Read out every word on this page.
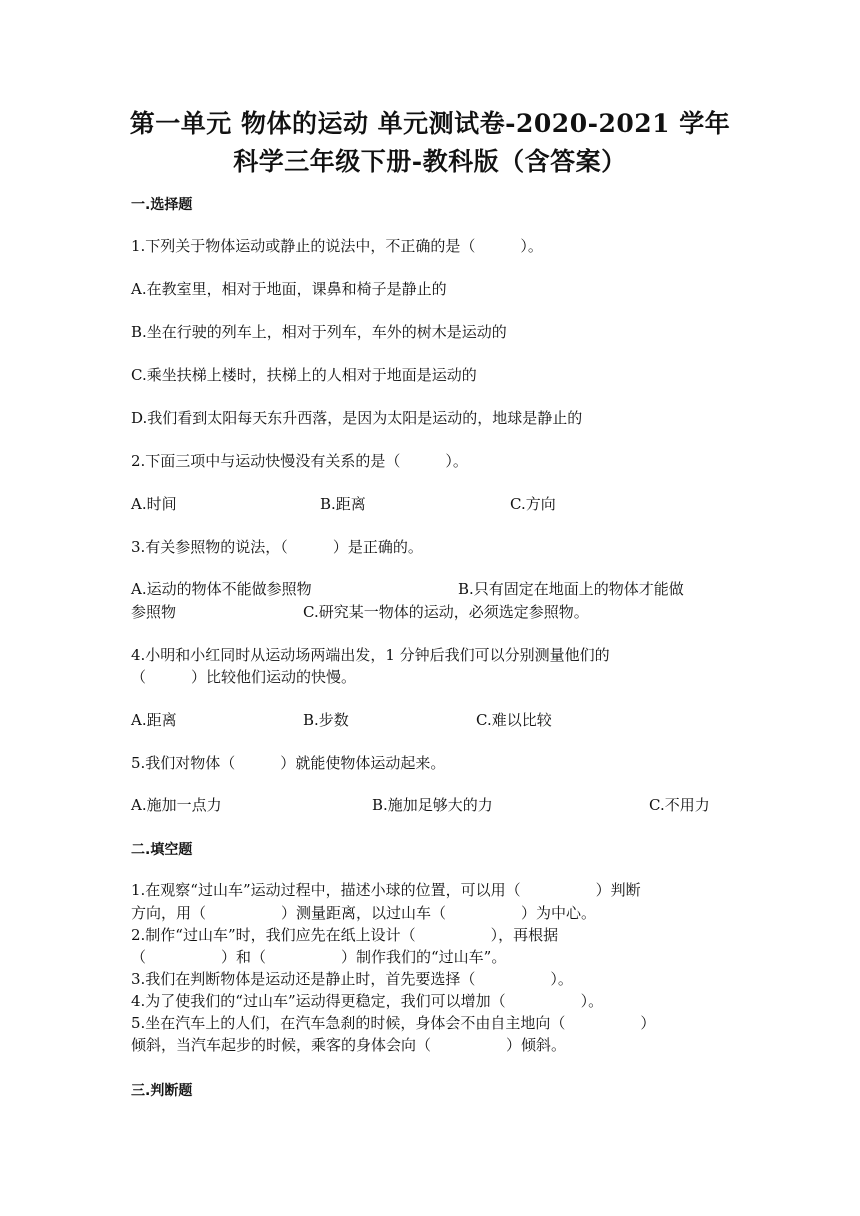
第一单元 物体的运动 单元测试卷-2020-2021 学年
科学三年级下册-教科版（含答案）
一.选择题
1.下列关于物体运动或静止的说法中，不正确的是（　　　）。
A.在教室里，相对于地面，课鼻和椅子是静止的
B.坐在行驶的列车上，相对于列车，车外的树木是运动的
C.乘坐扶梯上楼时，扶梯上的人相对于地面是运动的
D.我们看到太阳每天东升西落，是因为太阳是运动的，地球是静止的
2.下面三项中与运动快慢没有关系的是（　　　）。
A.时间	B.距离	C.方向
3.有关参照物的说法，（　　　）是正确的。
A.运动的物体不能做参照物	B.只有固定在地面上的物体才能做
参照物	C.研究某一物体的运动，必须选定参照物。
4.小明和小红同时从运动场两端出发，1 分钟后我们可以分别测量他们的
（　　　）比较他们运动的快慢。
A.距离	B.步数	C.难以比较
5.我们对物体（　　　）就能使物体运动起来。
A.施加一点力	B.施加足够大的力	C.不用力
二.填空题
1.在观察“过山车”运动过程中，描述小球的位置，可以用（　　　　　）判断
方向，用（　　　　　）测量距离，以过山车（　　　　　）为中心。
2.制作“过山车”时，我们应先在纸上设计（　　　　　），再根据
（　　　　　）和（　　　　　）制作我们的“过山车”。
3.我们在判断物体是运动还是静止时，首先要选择（　　　　　）。
4.为了使我们的“过山车”运动得更稳定，我们可以增加（　　　　　）。
5.坐在汽车上的人们，在汽车急刹的时候，身体会不由自主地向（　　　　　）
倾斜，当汽车起步的时候，乘客的身体会向（　　　　　）倾斜。
三.判断题
